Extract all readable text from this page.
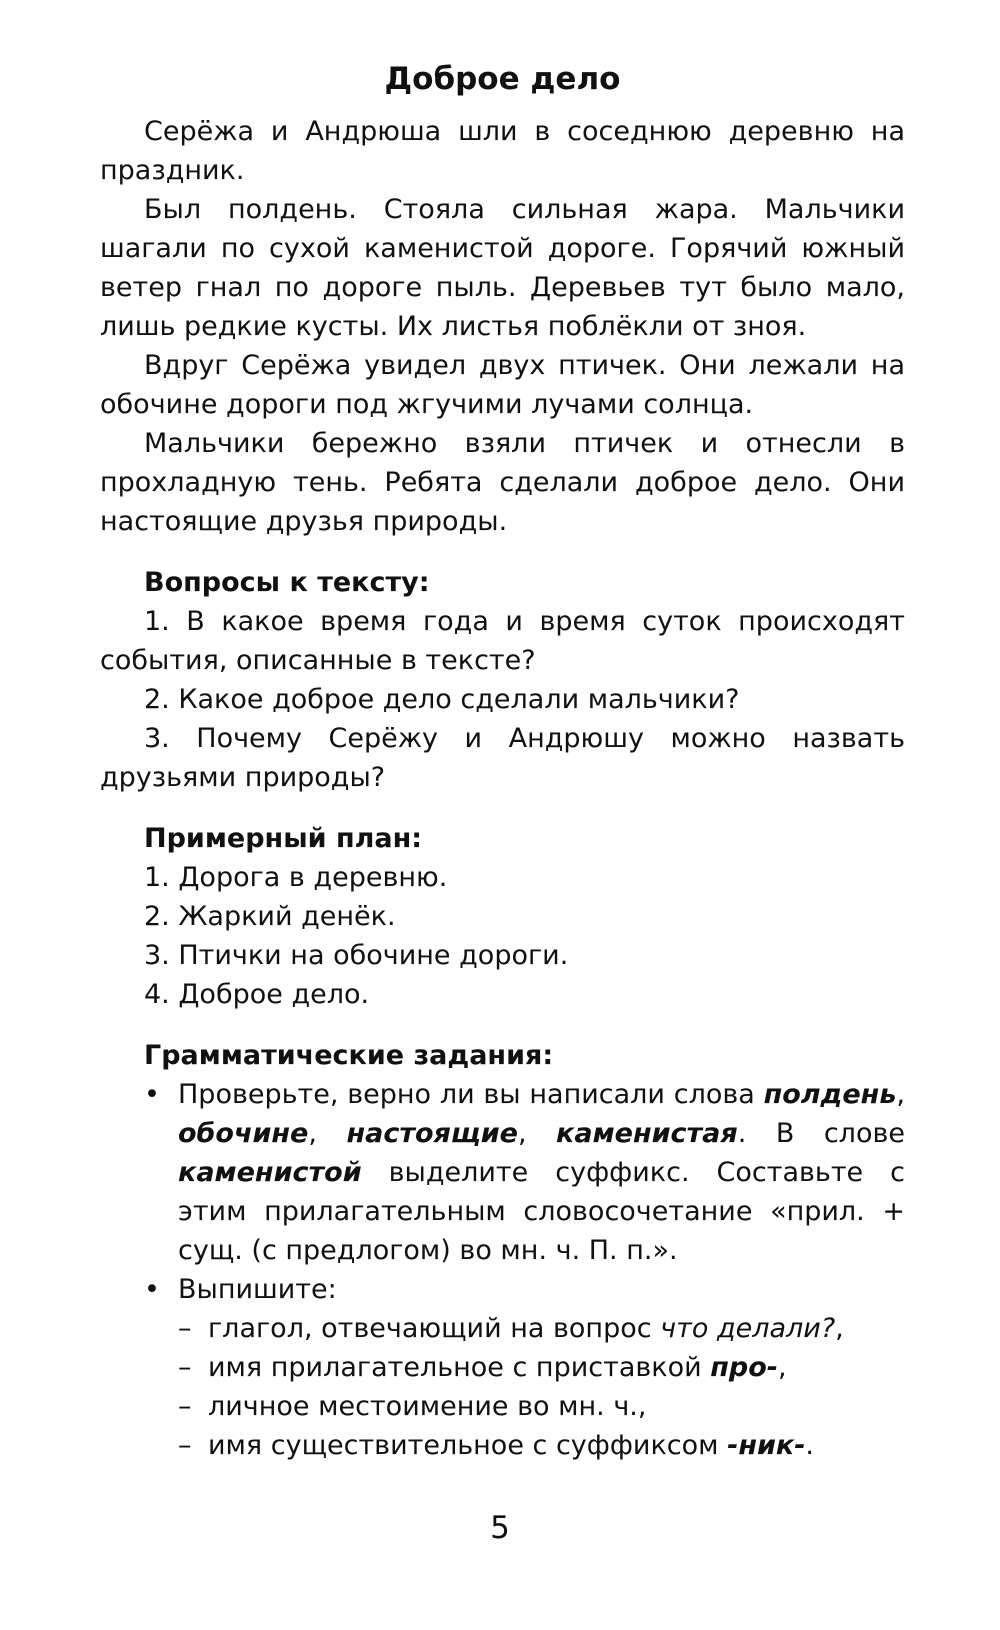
Доброе дело
Серёжа и Андрюша шли в соседнюю деревню на праздник.
Был полдень. Стояла сильная жара. Мальчики шагали по сухой каменистой дороге. Горячий южный ветер гнал по дороге пыль. Деревьев тут было мало, лишь редкие кусты. Их листья поблёкли от зноя.
Вдруг Серёжа увидел двух птичек. Они лежали на обочине дороги под жгучими лучами солнца.
Мальчики бережно взяли птичек и отнесли в прохладную тень. Ребята сделали доброе дело. Они настоящие друзья природы.
Вопросы к тексту:
1. В какое время года и время суток происходят события, описанные в тексте?
2. Какое доброе дело сделали мальчики?
3. Почему Серёжу и Андрюшу можно назвать друзьями природы?
Примерный план:
1. Дорога в деревню.
2. Жаркий денёк.
3. Птички на обочине дороги.
4. Доброе дело.
Грамматические задания:
• Проверьте, верно ли вы написали слова полдень, обочине, настоящие, каменистая. В слове каменистой выделите суффикс. Составьте с этим прилагательным словосочетание «прил. + сущ. (с предлогом) во мн. ч. П. п.».
• Выпишите:
– глагол, отвечающий на вопрос что делали?,
– имя прилагательное с приставкой про-,
– личное местоимение во мн. ч.,
– имя существительное с суффиксом -ник-.
5
